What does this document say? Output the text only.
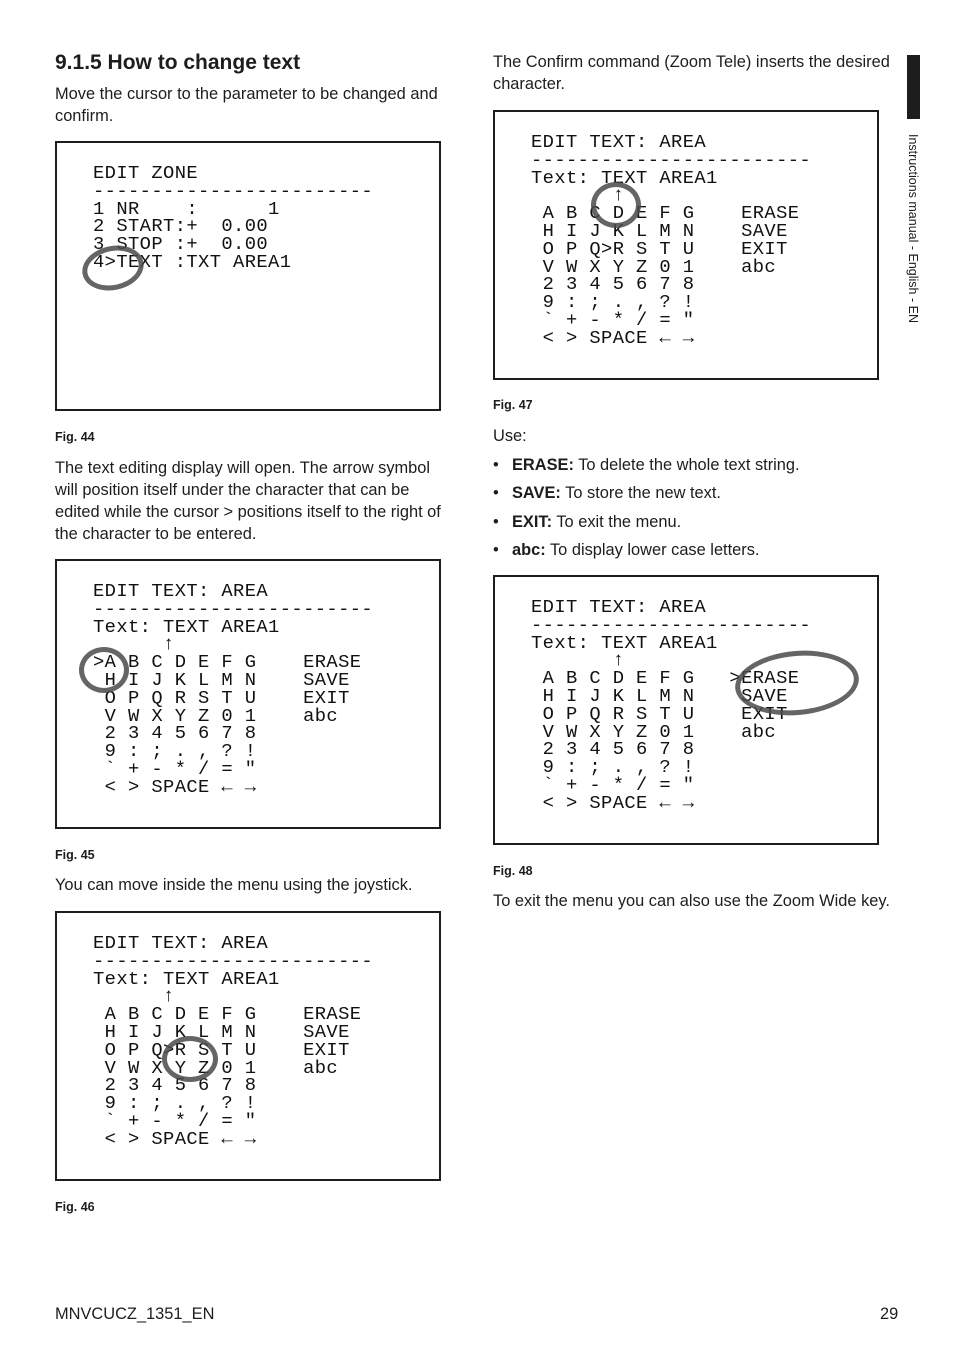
9.1.5 How to change text
Move the cursor to the parameter to be changed and confirm.
EDIT ZONE
------------------------
1 NR    :      1
2 START:+  0.00
3 STOP :+  0.00
4>TEXT :TXT AREA1
Fig. 44
The text editing display will open. The arrow symbol will position itself under the character that can be edited while the cursor > positions itself to the right of the character to be entered.
EDIT TEXT: AREA
------------------------
Text: TEXT AREA1
↑
>A B C D E F G    ERASE
H I J K L M N    SAVE
O P Q R S T U    EXIT
V W X Y Z 0 1    abc
2 3 4 5 6 7 8
9 : ; . , ? !
` + - * / = "
< > SPACE ← →
Fig. 45
You can move inside the menu using the joystick.
EDIT TEXT: AREA
------------------------
Text: TEXT AREA1
↑
A B C D E F G    ERASE
H I J K L M N    SAVE
O P Q>R S T U    EXIT
V W X Y Z 0 1    abc
2 3 4 5 6 7 8
9 : ; . , ? !
` + - * / = "
< > SPACE ← →
Fig. 46
The Confirm command (Zoom Tele) inserts the desired character.
EDIT TEXT: AREA
------------------------
Text: TEXT AREA1
↑
A B C D E F G    ERASE
H I J K L M N    SAVE
O P Q>R S T U    EXIT
V W X Y Z 0 1    abc
2 3 4 5 6 7 8
9 : ; . , ? !
` + - * / = "
< > SPACE ← →
Fig. 47
Use:
• ERASE: To delete the whole text string.
• SAVE: To store the new text.
• EXIT: To exit the menu.
• abc: To display lower case letters.
EDIT TEXT: AREA
------------------------
Text: TEXT AREA1
↑
A B C D E F G   >ERASE
H I J K L M N    SAVE
O P Q R S T U    EXIT
V W X Y Z 0 1    abc
2 3 4 5 6 7 8
9 : ; . , ? !
` + - * / = "
< > SPACE ← →
Fig. 48
To exit the menu you can also use the Zoom Wide key.
Instructions manual - English - EN
MNVCUCZ_1351_EN	29
